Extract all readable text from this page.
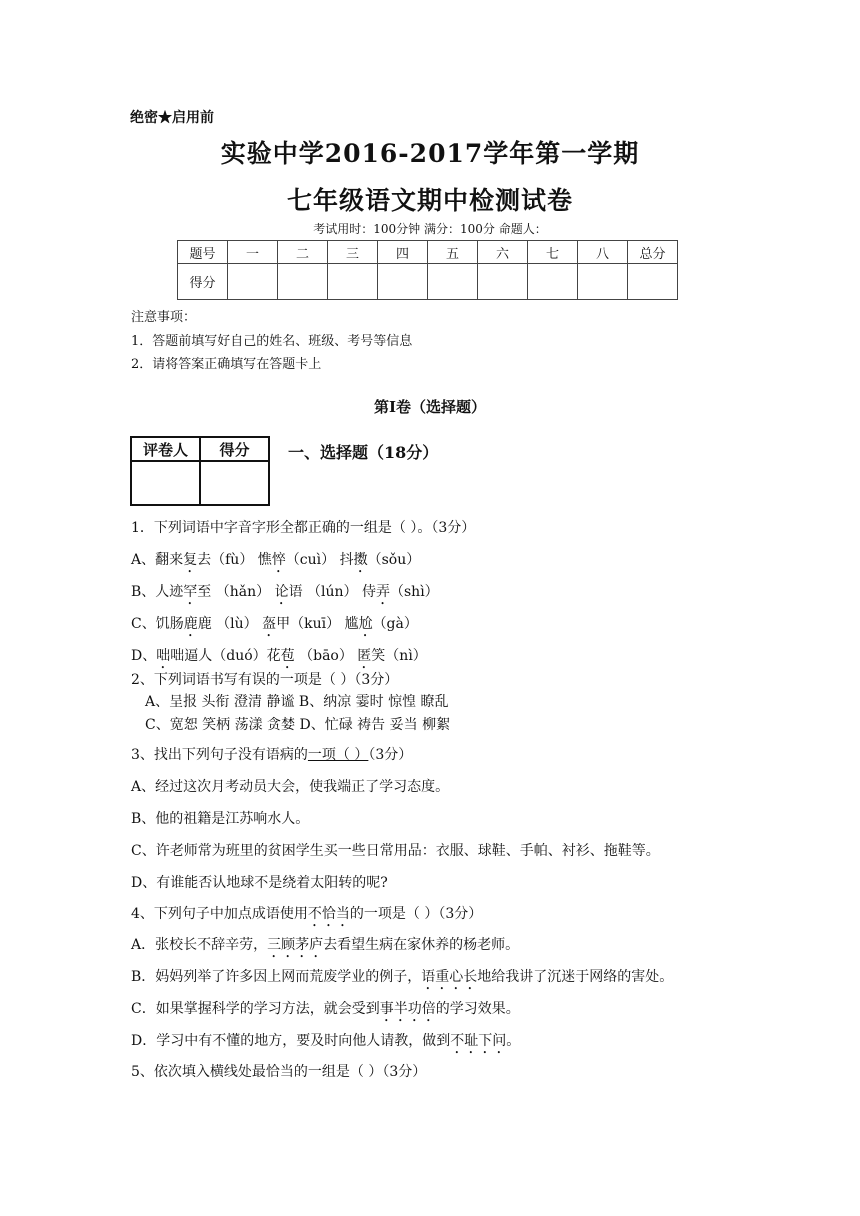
绝密★启用前
实验中学2016-2017学年第一学期
七年级语文期中检测试卷
考试用时：100分钟 满分：100分 命题人：
题号	一	二	三	四	五	六	七	八	总分
得分									
注意事项：
1．答题前填写好自己的姓名、班级、考号等信息
2．请将答案正确填写在答题卡上
第I卷（选择题）
评卷人	得分
	一、选择题（18分）
1．下列词语中字音字形全都正确的一组是（ ）。（3分）
A、翻来复去（fù） 憔悴（cuì） 抖擞（sǒu）
B、人迹罕至 （hǎn） 论语 （lún） 侍弄（shì）
C、饥肠鹿鹿 （lù） 盔甲（kuī） 尴尬（gà）
D、咄咄逼人（duó）花苞 （bāo） 匿笑（nì）
2、下列词语书写有误的一项是（ ）（3分）
A、呈报 头衔 澄清 静谧 B、纳凉 霎时 惊惶 瞭乱
C、宽恕 笑柄 荡漾 贪婪 D、忙碌 祷告 妥当 柳絮
3、找出下列句子没有语病的一项（ ）（3分）
A、经过这次月考动员大会，使我端正了学习态度。
B、他的祖籍是江苏响水人。
C、许老师常为班里的贫困学生买一些日常用品：衣服、球鞋、手帕、衬衫、拖鞋等。
D、有谁能否认地球不是绕着太阳转的呢?
4、下列句子中加点成语使用不恰当的一项是（ ）（3分）
A．张校长不辞辛劳，三顾茅庐去看望生病在家休养的杨老师。
B．妈妈列举了许多因上网而荒废学业的例子，语重心长地给我讲了沉迷于网络的害处。
C．如果掌握科学的学习方法，就会受到事半功倍的学习效果。
D．学习中有不懂的地方，要及时向他人请教，做到不耻下问。
5、依次填入横线处最恰当的一组是（ ）（3分）
